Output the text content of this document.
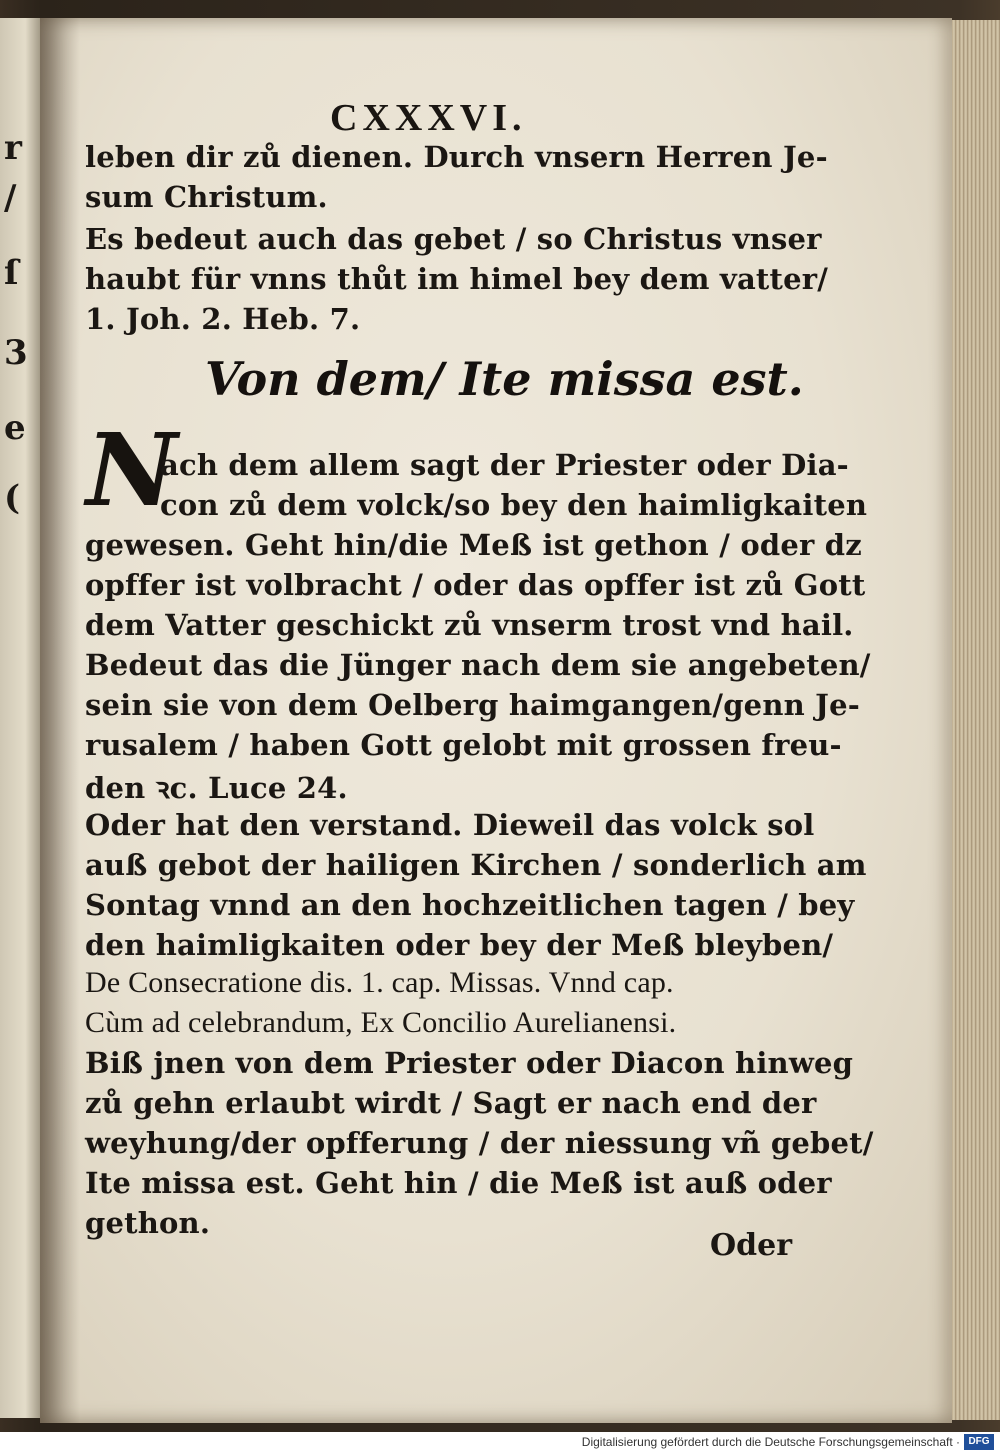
r
/
ſ
3
e
(
CXXXVI.
leben dir zů dienen. Durch vnsern Herren Je-
sum Christum.
Es bedeut auch das gebet / so Christus vnser
haubt für vnns thůt im himel bey dem vatter/
1. Joh. 2. Heb. 7.
Von dem/ Ite missa est.
N
ach dem allem sagt der Priester oder Dia-
con zů dem volck/so bey den haimligkaiten
gewesen. Geht hin/die Meß ist gethon / oder dz
opffer ist volbracht / oder das opffer ist zů Gott
dem Vatter geschickt zů vnserm trost vnd hail.
Bedeut das die Jünger nach dem sie angebeten/
sein sie von dem Oelberg haimgangen/genn Je-
rusalem / haben Gott gelobt mit grossen freu-
den ꝛc. Luce 24.
Oder hat den verstand. Dieweil das volck sol
auß gebot der hailigen Kirchen / sonderlich am
Sontag vnnd an den hochzeitlichen tagen / bey
den haimligkaiten oder bey der Meß bleyben/
De Consecratione dis. 1. cap. Missas. Vnnd cap.
Cùm ad celebrandum, Ex Concilio Aurelianensi.
Biß jnen von dem Priester oder Diacon hinweg
zů gehn erlaubt wirdt / Sagt er nach end der
weyhung/der opfferung / der niessung vñ gebet/
Ite missa est. Geht hin / die Meß ist auß oder
gethon.
Oder
Digitalisierung gefördert durch die Deutsche Forschungsgemeinschaft · DFG
